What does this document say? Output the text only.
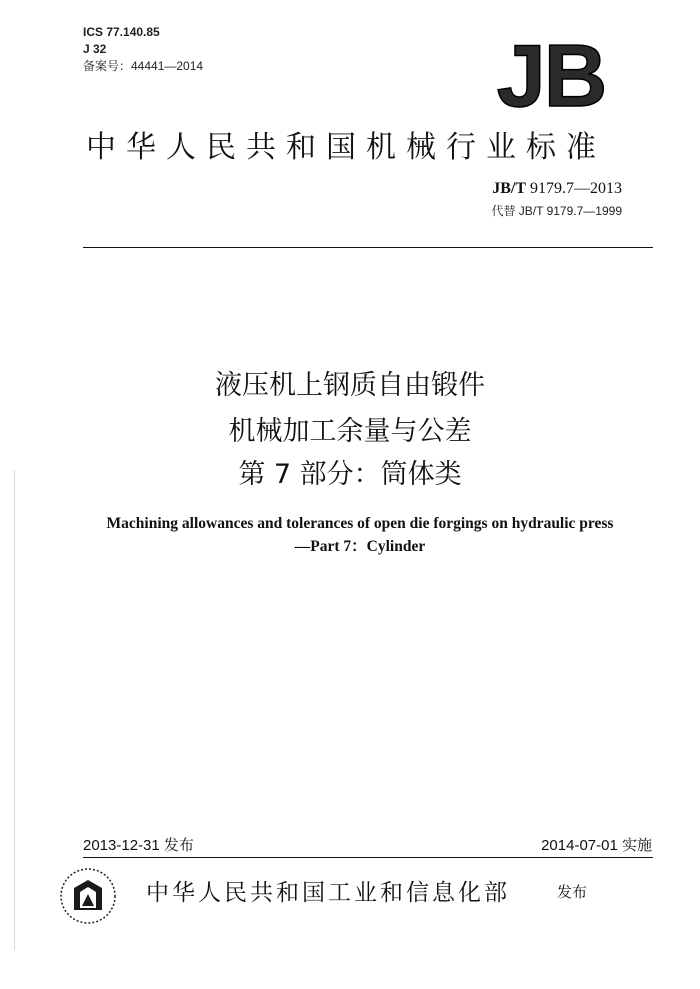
ICS 77.140.85
J 32
备案号：44441—2014	JB
中华人民共和国机械行业标准
JB/T 9179.7—2013
代替 JB/T 9179.7—1999
液压机上钢质自由锻件
机械加工余量与公差
第 7 部分：筒体类
Machining allowances and tolerances of open die forgings on hydraulic press
—Part 7：Cylinder
2013-12-31 发布	2014-07-01 实施
中华人民共和国工业和信息化部	发布
